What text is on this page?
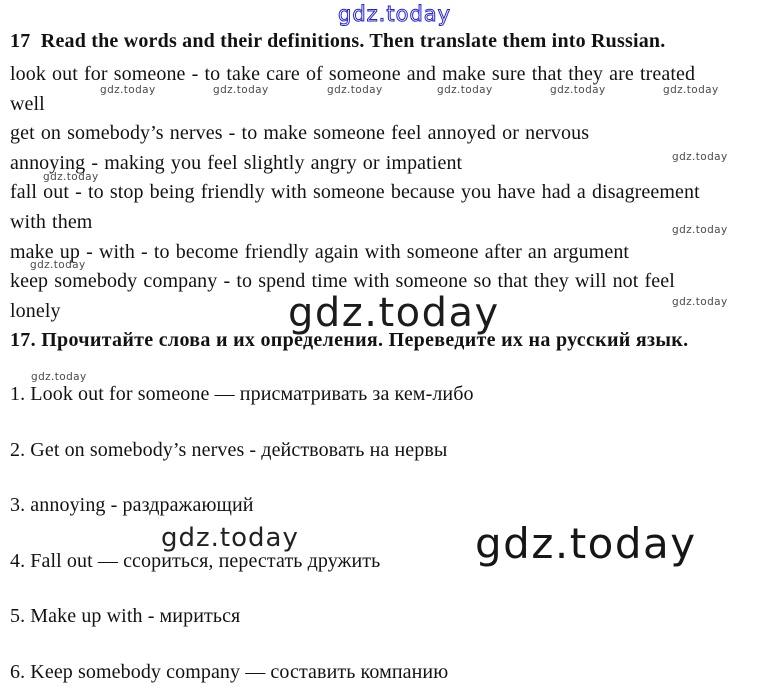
gdz.today
gdz.today	gdz.today	gdz.today	gdz.today	gdz.today	gdz.today
gdz.today
gdz.today
gdz.today
gdz.today
gdz.today
gdz.today
gdz.today
gdz.today	gdz.today
17  Read the words and their definitions. Then translate them into Russian.
look out for someone - to take care of someone and make sure that they are treated
well
get on somebody’s nerves - to make someone feel annoyed or nervous
annoying - making you feel slightly angry or impatient
fall out - to stop being friendly with someone because you have had a disagreement
with them
make up - with - to become friendly again with someone after an argument
keep somebody company - to spend time with someone so that they will not feel
lonely
17. Прочитайте слова и их определения. Переведите их на русский язык.
1. Look out for someone — присматривать за кем-либо
2. Get on somebody’s nerves - действовать на нервы
3. annoying - раздражающий
4. Fall out — ссориться, перестать дружить
5. Make up with - мириться
6. Keep somebody company — составить компанию
